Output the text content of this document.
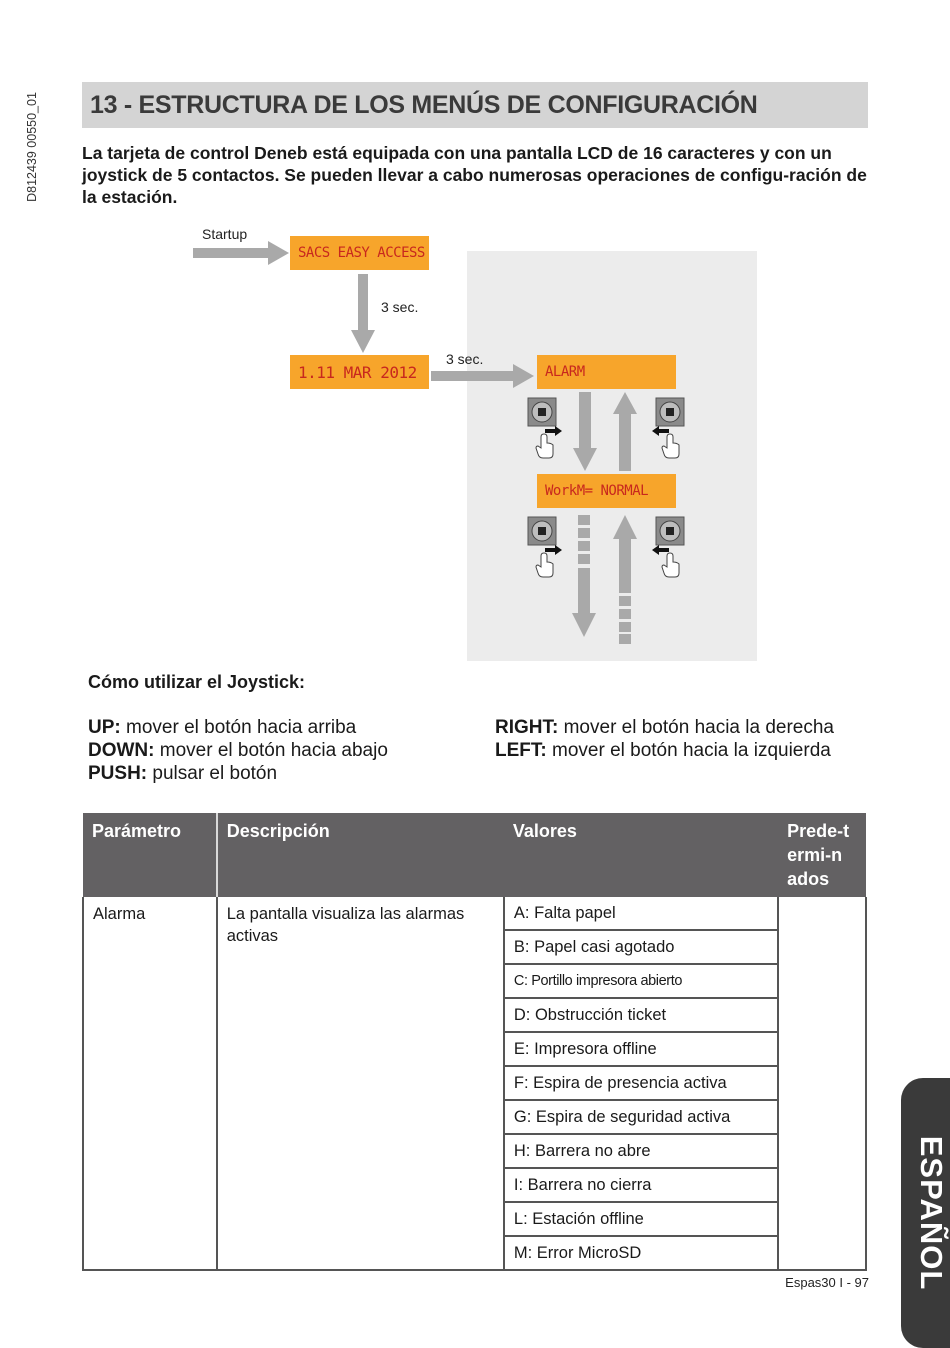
D812439 00550_01 13 - ESTRUCTURA DE LOS MENÚS DE CONFIGURACIÓN
La tarjeta de control Deneb está equipada con una pantalla LCD de 16 caracteres y con un joystick de 5 contactos. Se pueden llevar a cabo numerosas operaciones de configu-ración de la estación.
Startup
SACS EASY ACCESS
3 sec.
1.11 MAR 2012
3 sec.
ALARM
WorkM= NORMAL
Cómo utilizar el Joystick:
UP: mover el botón hacia arriba
DOWN: mover el botón hacia abajo
PUSH: pulsar el botón
RIGHT: mover el botón hacia la derecha
LEFT: mover el botón hacia la izquierda
Parámetro	Descripción	Valores	Prede-termi-nados

Alarma	La pantalla visualiza las alarmas activas	A: Falta papel	
		B: Papel casi agotado	
		C: Portillo impresora abierto	
		D: Obstrucción ticket	
		E: Impresora offline	
		F: Espira de presencia activa	
		G: Espira de seguridad activa	
		H: Barrera no abre	
		I: Barrera no cierra	
		L: Estación offline	
		M: Error MicroSD		ESPAÑOL
Espas30 I - 97
